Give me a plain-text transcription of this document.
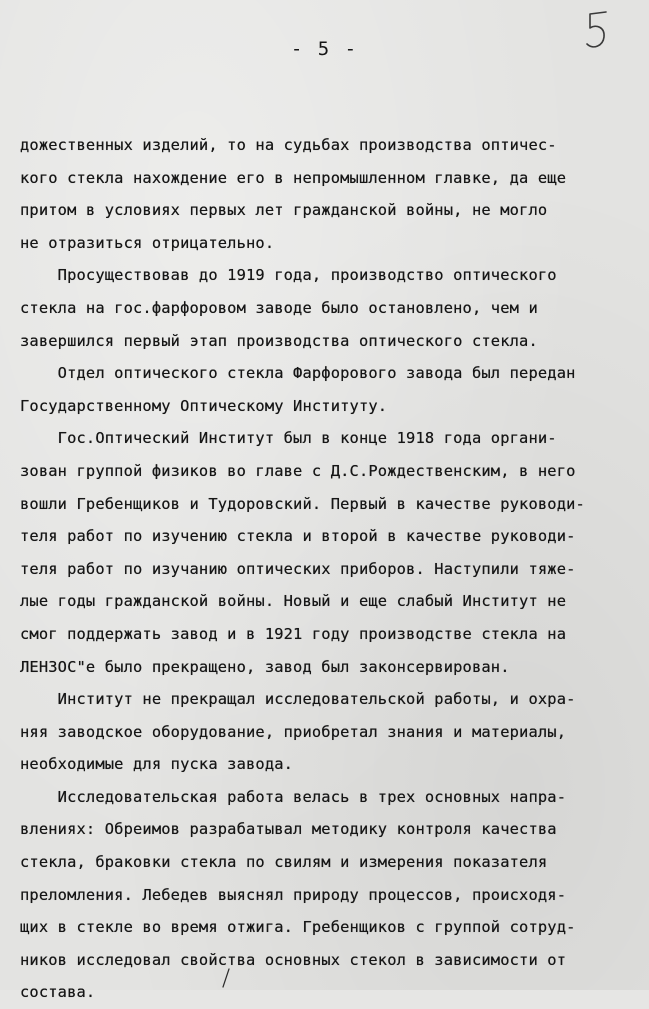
- 5 -
дожественных изделий, то на судьбах производства оптичес-
кого стекла нахождение его в непромышленном главке, да еще
притом в условиях первых лет гражданской войны, не могло
не отразиться отрицательно.
Просуществовав до 1919 года, производство оптического
стекла на гос.фарфоровом заводе было остановлено, чем и
завершился первый этап производства оптического стекла.
Отдел оптического стекла Фарфорового завода был передан
Государственному Оптическому Институту.
Гос.Оптический Институт был в конце 1918 года органи-
зован группой физиков во главе с Д.С.Рождественским, в него
вошли Гребенщиков и Тудоровский. Первый в качестве руководи-
теля работ по изучению стекла и второй в качестве руководи-
теля работ по изучанию оптических приборов. Наступили тяже-
лые годы гражданской войны. Новый и еще слабый Институт не
смог поддержать завод и в 1921 году производстве стекла на
ЛЕНЗОС"е было прекращено, завод был законсервирован.
Институт не прекращал исследовательской работы, и охра-
няя заводское оборудование, приобретал знания и материалы,
необходимые для пуска завода.
Исследовательская работа велась в трех основных напра-
влениях: Обреимов разрабатывал методику контроля качества
стекла, браковки стекла по свилям и измерения показателя
преломления. Лебедев выяснял природу процессов, происходя-
щих в стекле во время отжига. Гребенщиков с группой сотруд-
ников исследовал свойства основных стекол в зависимости от
состава.
